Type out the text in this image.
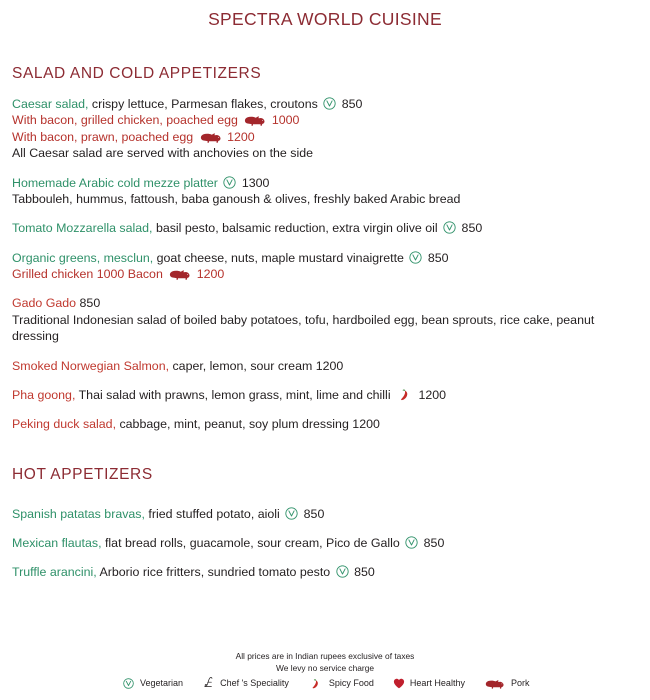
SPECTRA WORLD CUISINE
SALAD AND COLD APPETIZERS
Caesar salad, crispy lettuce, Parmesan flakes, croutons 850
With bacon, grilled chicken, poached egg	1000
With bacon, prawn, poached egg	1200
All Caesar salad are served with anchovies on the side
Homemade Arabic cold mezze platter 1300
Tabbouleh, hummus, fattoush, baba ganoush & olives, freshly baked Arabic bread
Tomato Mozzarella salad, basil pesto, balsamic reduction, extra virgin olive oil 850
Organic greens, mesclun, goat cheese, nuts, maple mustard vinaigrette 850
Grilled chicken 1000 Bacon	1200
Gado Gado 850
Traditional Indonesian salad of boiled baby potatoes, tofu, hardboiled egg, bean sprouts, rice cake, peanut dressing
Smoked Norwegian Salmon, caper, lemon, sour cream 1200
Pha goong, Thai salad with prawns, lemon grass, mint, lime and chilli 1200
Peking duck salad, cabbage, mint, peanut, soy plum dressing 1200
HOT APPETIZERS
Spanish patatas bravas, fried stuffed potato, aioli 850
Mexican flautas, flat bread rolls, guacamole, sour cream, Pico de Gallo 850
Truffle arancini, Arborio rice fritters, sundried tomato pesto 850
All prices are in Indian rupees exclusive of taxes
We levy no service charge
Vegetarian	Chef 's Speciality	Spicy Food	Heart Healthy	Pork
